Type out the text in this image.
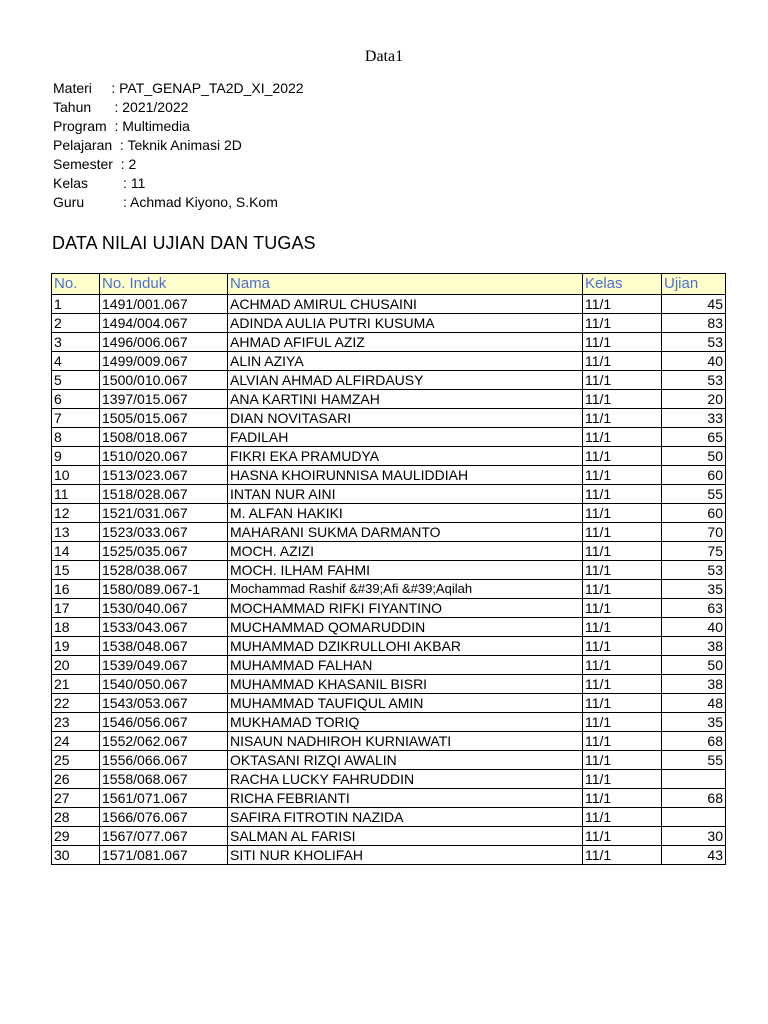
Data1
Materi     : PAT_GENAP_TA2D_XI_2022
Tahun      : 2021/2022
Program  : Multimedia
Pelajaran  : Teknik Animasi 2D
Semester  : 2
Kelas         : 11
Guru          : Achmad Kiyono, S.Kom
DATA NILAI UJIAN DAN TUGAS
No.	No. Induk	Nama	Kelas	Ujian
1	1491/001.067	ACHMAD AMIRUL CHUSAINI	11/1	45
2	1494/004.067	ADINDA AULIA PUTRI KUSUMA	11/1	83
3	1496/006.067	AHMAD AFIFUL AZIZ	11/1	53
4	1499/009.067	ALIN AZIYA	11/1	40
5	1500/010.067	ALVIAN AHMAD ALFIRDAUSY	11/1	53
6	1397/015.067	ANA KARTINI HAMZAH	11/1	20
7	1505/015.067	DIAN NOVITASARI	11/1	33
8	1508/018.067	FADILAH	11/1	65
9	1510/020.067	FIKRI EKA PRAMUDYA	11/1	50
10	1513/023.067	HASNA KHOIRUNNISA MAULIDDIAH	11/1	60
11	1518/028.067	INTAN NUR AINI	11/1	55
12	1521/031.067	M. ALFAN HAKIKI	11/1	60
13	1523/033.067	MAHARANI SUKMA DARMANTO	11/1	70
14	1525/035.067	MOCH. AZIZI	11/1	75
15	1528/038.067	MOCH. ILHAM FAHMI	11/1	53
16	1580/089.067-1	Mochammad Rashif &#39;Afi &#39;Aqilah	11/1	35
17	1530/040.067	MOCHAMMAD RIFKI FIYANTINO	11/1	63
18	1533/043.067	MUCHAMMAD QOMARUDDIN	11/1	40
19	1538/048.067	MUHAMMAD DZIKRULLOHI AKBAR	11/1	38
20	1539/049.067	MUHAMMAD FALHAN	11/1	50
21	1540/050.067	MUHAMMAD KHASANIL BISRI	11/1	38
22	1543/053.067	MUHAMMAD TAUFIQUL AMIN	11/1	48
23	1546/056.067	MUKHAMAD TORIQ	11/1	35
24	1552/062.067	NISAUN NADHIROH KURNIAWATI	11/1	68
25	1556/066.067	OKTASANI RIZQI AWALIN	11/1	55
26	1558/068.067	RACHA LUCKY FAHRUDDIN	11/1	
27	1561/071.067	RICHA FEBRIANTI	11/1	68
28	1566/076.067	SAFIRA FITROTIN NAZIDA	11/1	
29	1567/077.067	SALMAN AL FARISI	11/1	30
30	1571/081.067	SITI NUR KHOLIFAH	11/1	43
